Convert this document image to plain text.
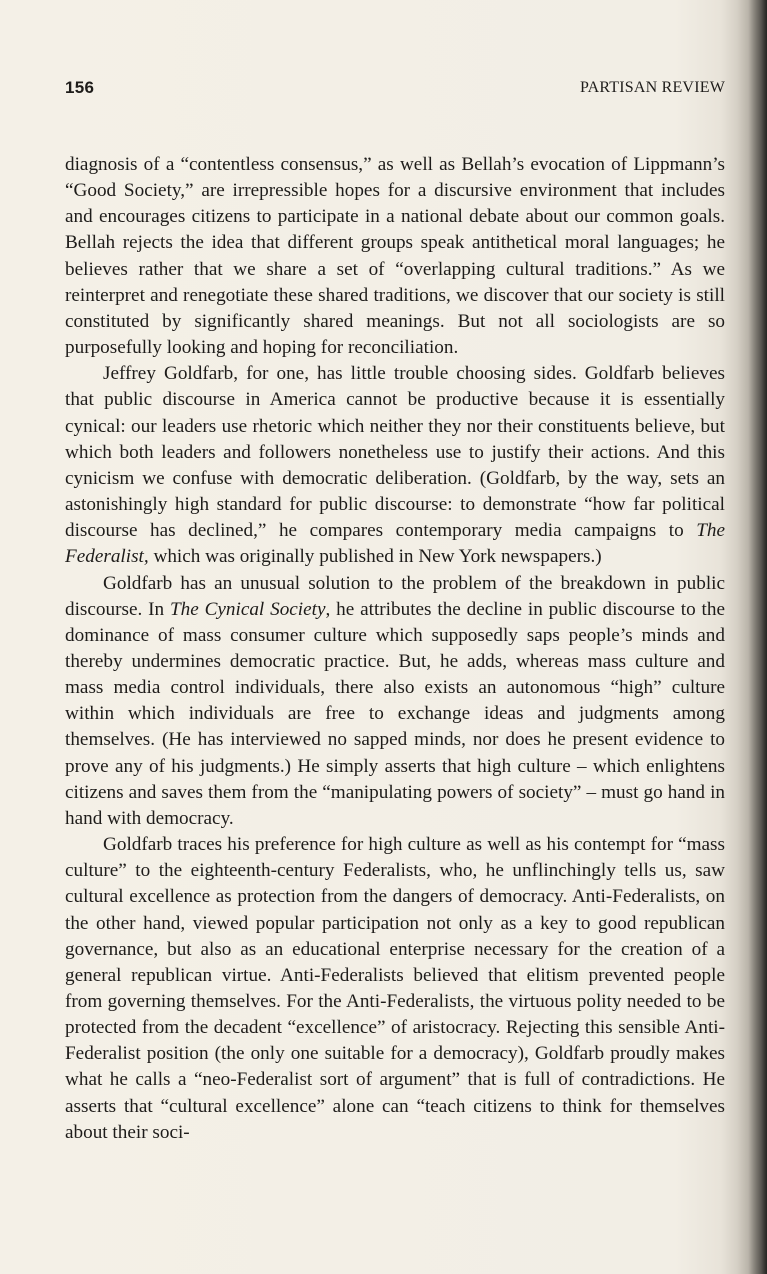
156	PARTISAN REVIEW

diagnosis of a “contentless consensus,” as well as Bellah’s evocation of Lippmann’s “Good Society,” are irrepressible hopes for a discursive environment that includes and encourages citizens to participate in a national debate about our common goals. Bellah rejects the idea that different groups speak antithetical moral languages; he believes rather that we share a set of “overlapping cultural traditions.” As we reinterpret and renegotiate these shared traditions, we discover that our society is still constituted by significantly shared meanings. But not all sociologists are so purposefully looking and hoping for reconciliation.

Jeffrey Goldfarb, for one, has little trouble choosing sides. Goldfarb believes that public discourse in America cannot be productive because it is essentially cynical: our leaders use rhetoric which neither they nor their constituents believe, but which both leaders and followers nonetheless use to justify their actions. And this cynicism we confuse with democratic deliberation. (Goldfarb, by the way, sets an astonishingly high standard for public discourse: to demonstrate “how far political discourse has declined,” he compares contemporary media campaigns to The Federalist, which was originally published in New York newspapers.)

Goldfarb has an unusual solution to the problem of the breakdown in public discourse. In The Cynical Society, he attributes the decline in public discourse to the dominance of mass consumer culture which supposedly saps people’s minds and thereby undermines democratic practice. But, he adds, whereas mass culture and mass media control individuals, there also exists an autonomous “high” culture within which individuals are free to exchange ideas and judgments among themselves. (He has interviewed no sapped minds, nor does he present evidence to prove any of his judgments.) He simply asserts that high culture – which enlightens citizens and saves them from the “manipulating powers of society” – must go hand in hand with democracy.

Goldfarb traces his preference for high culture as well as his contempt for “mass culture” to the eighteenth-century Federalists, who, he unflinchingly tells us, saw cultural excellence as protection from the dangers of democracy. Anti-Federalists, on the other hand, viewed popular participation not only as a key to good republican governance, but also as an educational enterprise necessary for the creation of a general republican virtue. Anti-Federalists believed that elitism prevented people from governing themselves. For the Anti-Federalists, the virtuous polity needed to be protected from the decadent “excellence” of aristocracy. Rejecting this sensible Anti-Federalist position (the only one suitable for a democracy), Goldfarb proudly makes what he calls a “neo-Federalist sort of argument” that is full of contradictions. He asserts that “cultural excellence” alone can “teach citizens to think for themselves about their soci-
